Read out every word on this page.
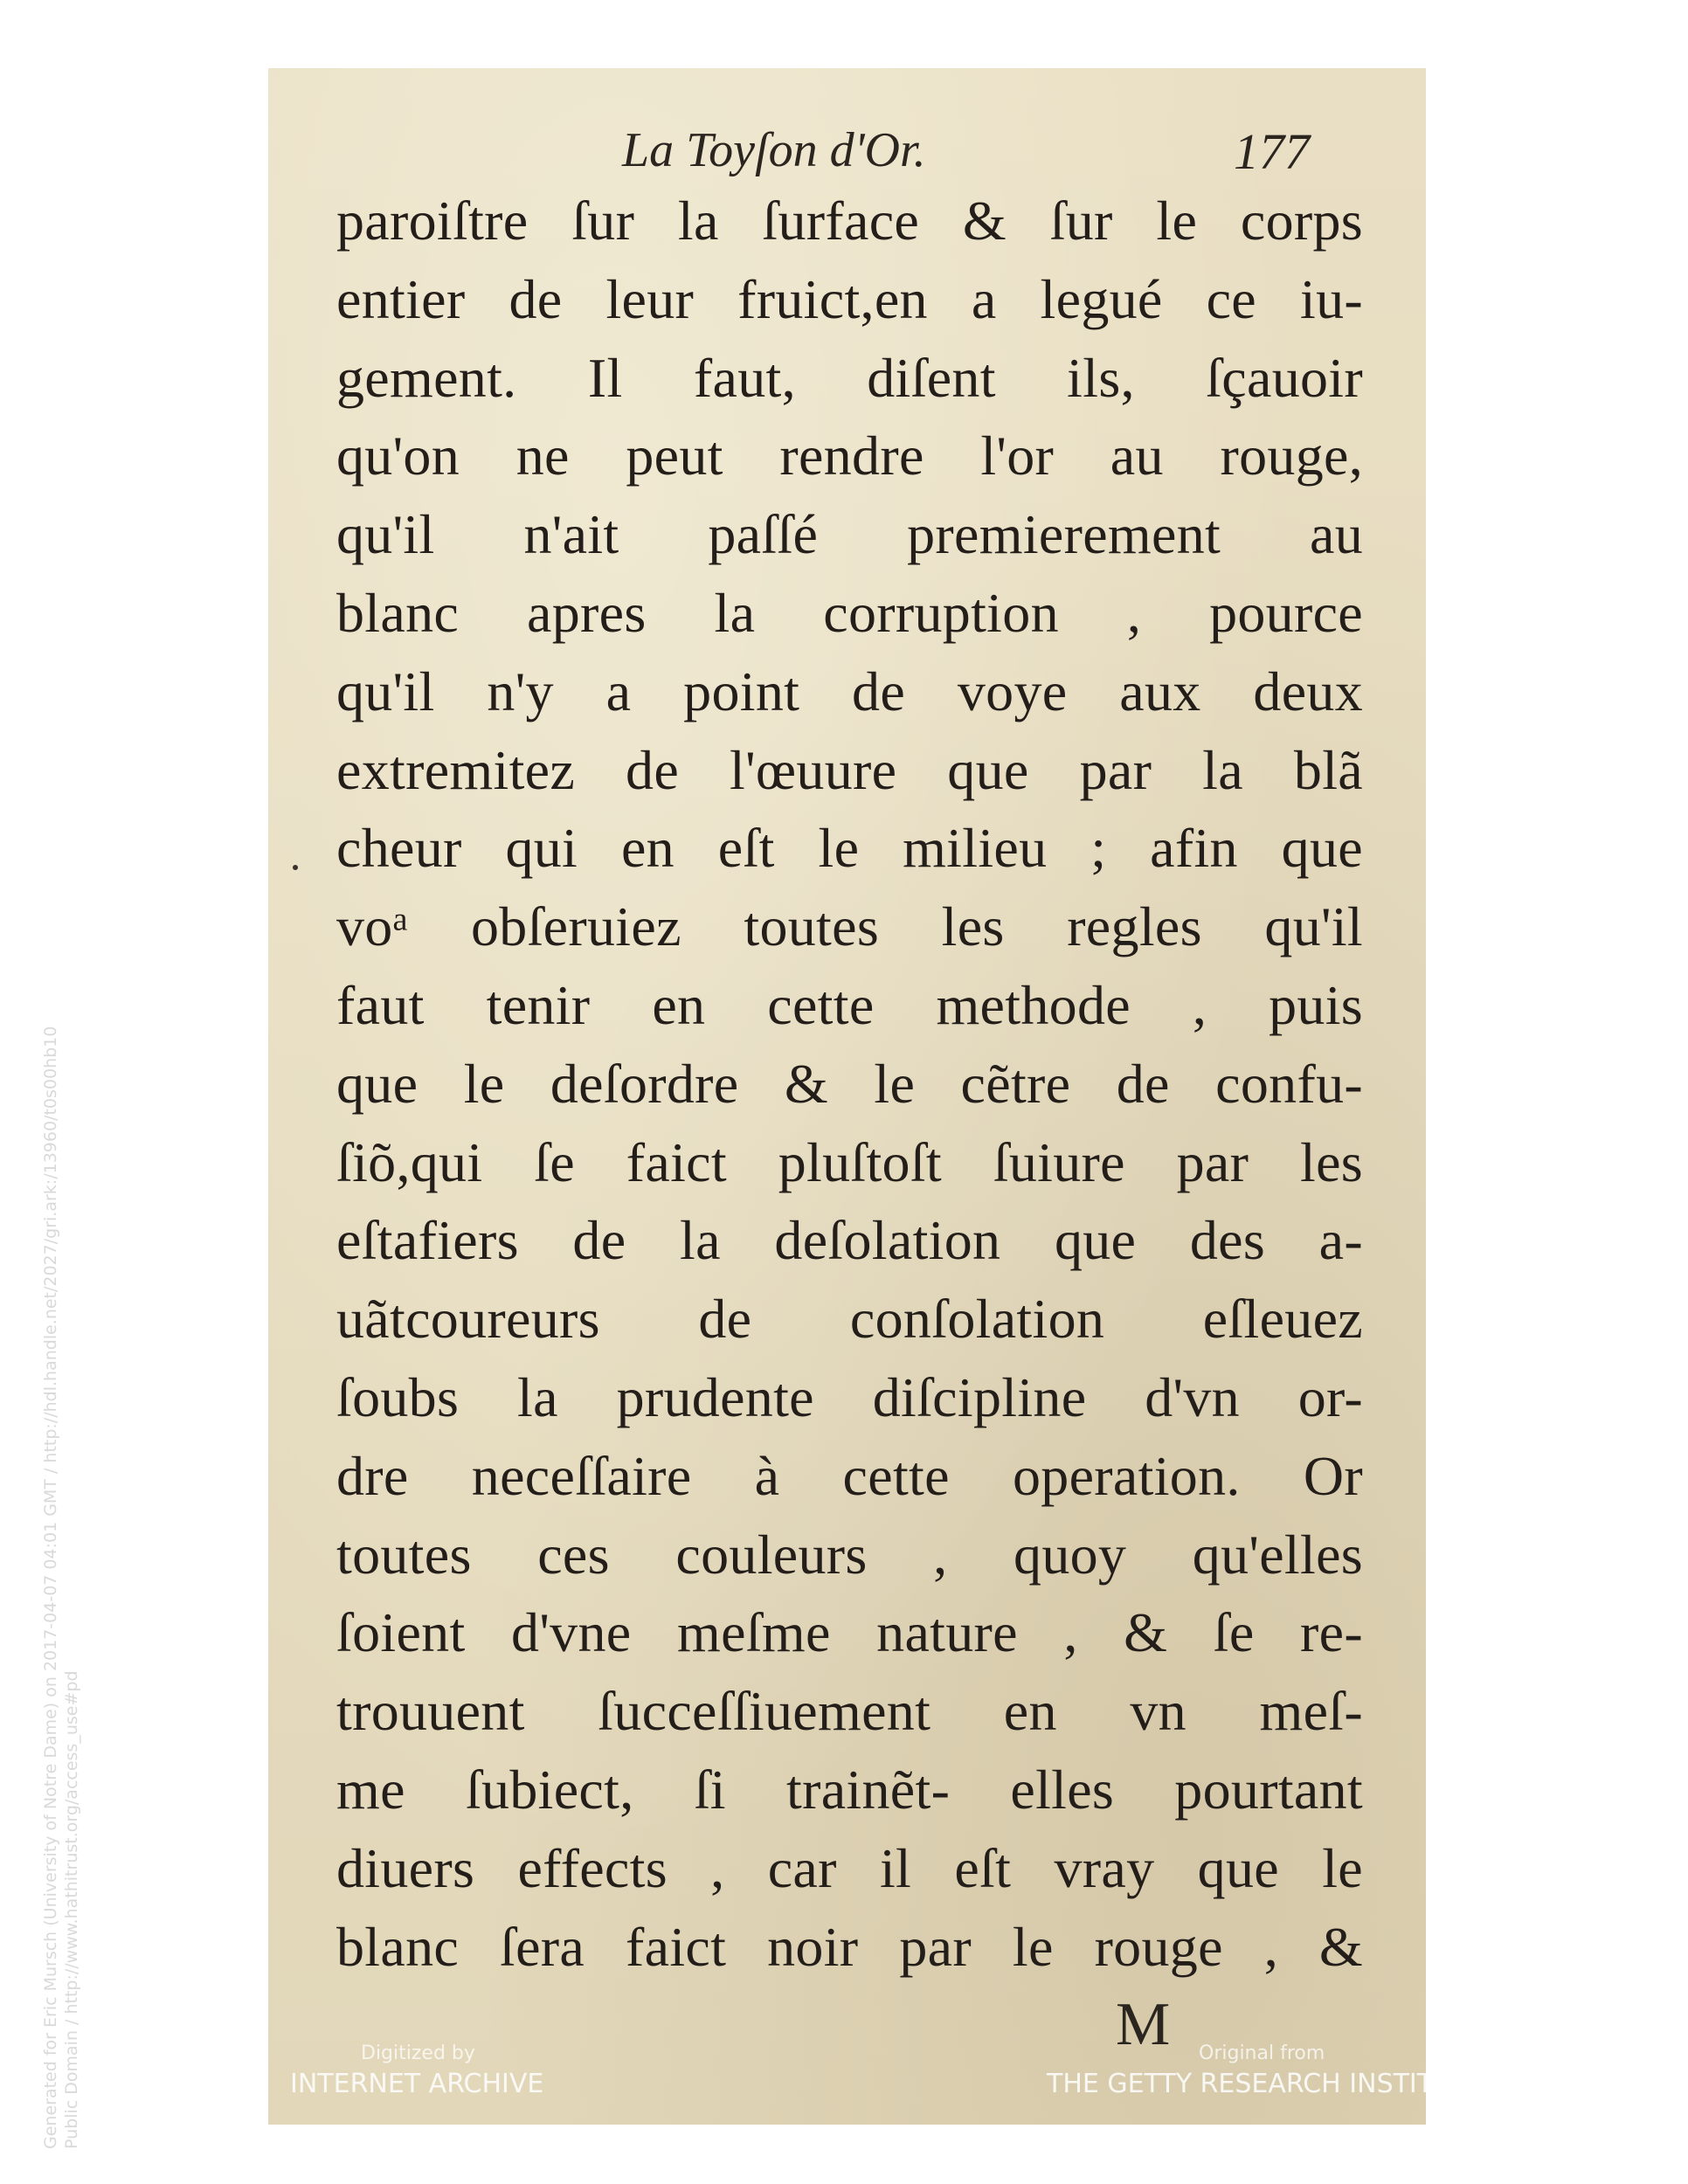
Generated for Eric Mursch (University of Notre Dame) on 2017-04-07 04:01 GMT / http://hdl.handle.net/2027/gri.ark:/13960/t0s00hb10 Public Domain / http://www.hathitrust.org/access_use#pd
La Toyſon d'Or.	177
paroiſtre ſur la ſurface & ſur le corps
entier de leur fruict,en a legué ce iu-
gement. Il faut, diſent ils, ſçauoir
qu'on ne peut rendre l'or au rouge,
qu'il n'ait paſſé premierement au
blanc apres la corruption , pource
qu'il n'y a point de voye aux deux
extremitez de l'œuure que par la blã
cheur qui en eſt le milieu ; afin que
voᵃ obſeruiez toutes les regles qu'il
faut tenir en cette methode , puis
que le deſordre & le cẽtre de confu-
ſiõ,qui ſe faict pluſtoſt ſuiure par les
eſtafiers de la deſolation que des a-
uãtcoureurs de conſolation eſleuez
ſoubs la prudente diſcipline d'vn or-
dre neceſſaire à cette operation. Or
toutes ces couleurs , quoy qu'elles
ſoient d'vne meſme nature , & ſe re-
trouuent ſucceſſiuement en vn meſ-
me ſubiect, ſi trainẽt- elles pourtant
diuers effects , car il eſt vray que le
blanc ſera faict noir par le rouge , &
M
Digitized by
INTERNET ARCHIVE
Original from
THE GETTY RESEARCH INSTITUTE
